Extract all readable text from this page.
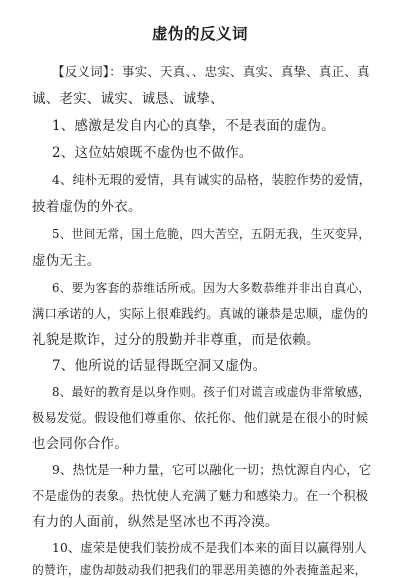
虚伪的反义词
【反义词】：事实、天真、、忠实、真实、真挚、真正、真
诚、老实、诚实、诚恳、诚挚、
1、感激是发自内心的真挚，不是表面的虚伪。
2、这位姑娘既不虚伪也不做作。
4、纯朴无瑕的爱情，具有诚实的品格，装腔作势的爱情，
披着虚伪的外衣。
5、世间无常，国土危脆，四大苦空，五阴无我，生灭变异，
虚伪无主。
6、要为客套的恭维话所戒。因为大多数恭维并非出自真心，
满口承诺的人，实际上很难践约。真诚的谦恭是忠顺，虚伪的
礼貌是欺诈，过分的殷勤并非尊重，而是依赖。
7、他所说的话显得既空洞又虚伪。
8、最好的教育是以身作则。孩子们对谎言或虚伪非常敏感，
极易发觉。假设他们尊重你、依托你、他们就是在很小的时候
也会同你合作。
9、热忱是一种力量，它可以融化一切；热忱源自内心，它
不是虚伪的表象。热忱使人充满了魅力和感染力。在一个积极
有力的人面前，纵然是坚冰也不再冷漠。
10、虚荣是使我们装扮成不是我们本来的面目以赢得别人
的赞许，虚伪却鼓动我们把我们的罪恶用美德的外表掩盖起来，
